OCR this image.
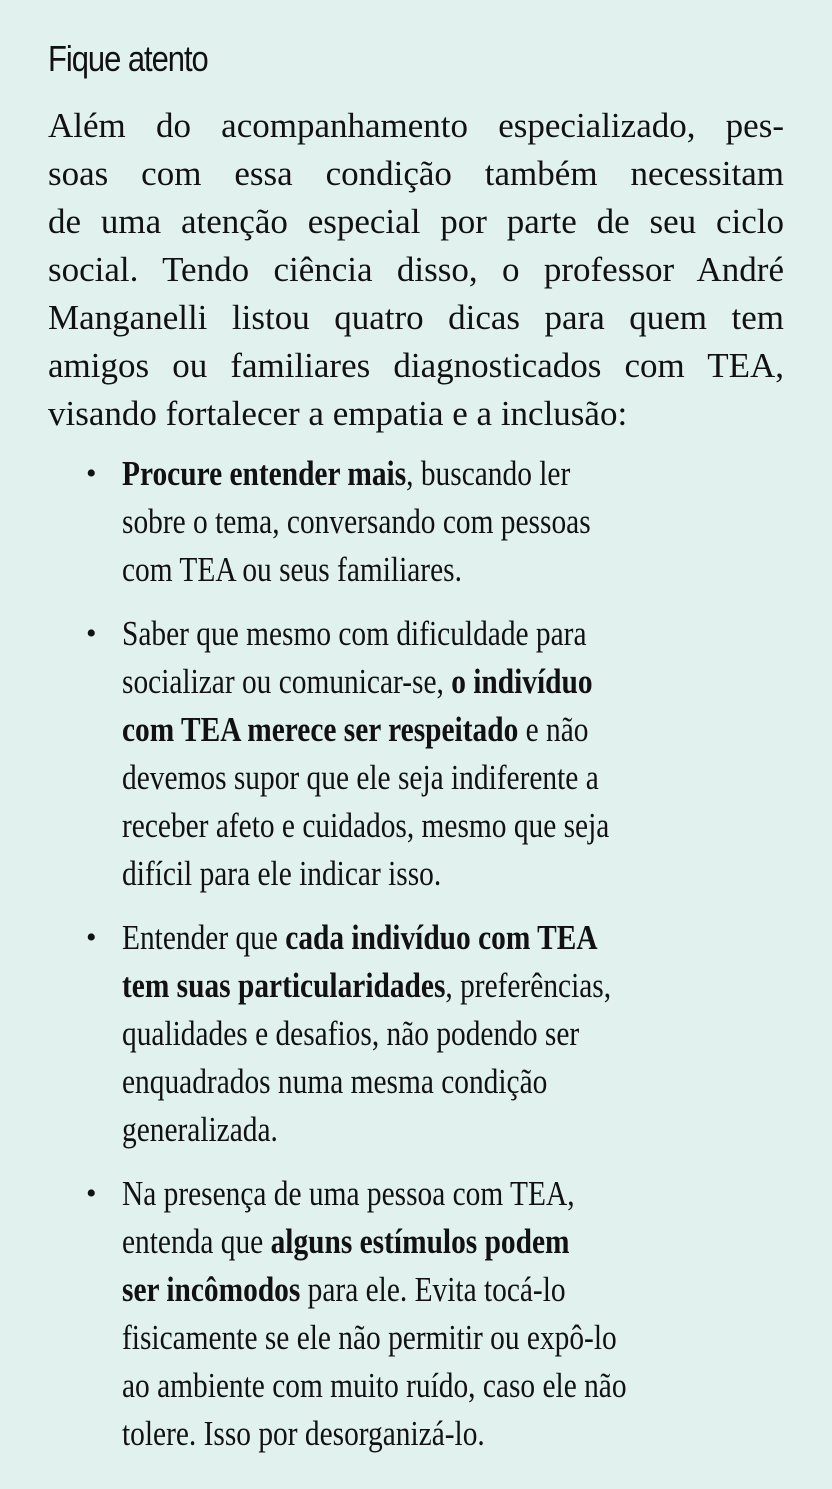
Fique atento
Além do acompanhamento especializado, pes-
soas com essa condição também necessitam
de uma atenção especial por parte de seu ciclo
social. Tendo ciência disso, o professor André
Manganelli listou quatro dicas para quem tem
amigos ou familiares diagnosticados com TEA,
visando fortalecer a empatia e a inclusão:
• Procure entender mais, buscando ler
sobre o tema, conversando com pessoas
com TEA ou seus familiares.
• Saber que mesmo com dificuldade para
socializar ou comunicar-se, o indivíduo
com TEA merece ser respeitado e não
devemos supor que ele seja indiferente a
receber afeto e cuidados, mesmo que seja
difícil para ele indicar isso.
• Entender que cada indivíduo com TEA
tem suas particularidades, preferências,
qualidades e desafios, não podendo ser
enquadrados numa mesma condição
generalizada.
• Na presença de uma pessoa com TEA,
entenda que alguns estímulos podem
ser incômodos para ele. Evita tocá-lo
fisicamente se ele não permitir ou expô-lo
ao ambiente com muito ruído, caso ele não
tolere. Isso por desorganizá-lo.
